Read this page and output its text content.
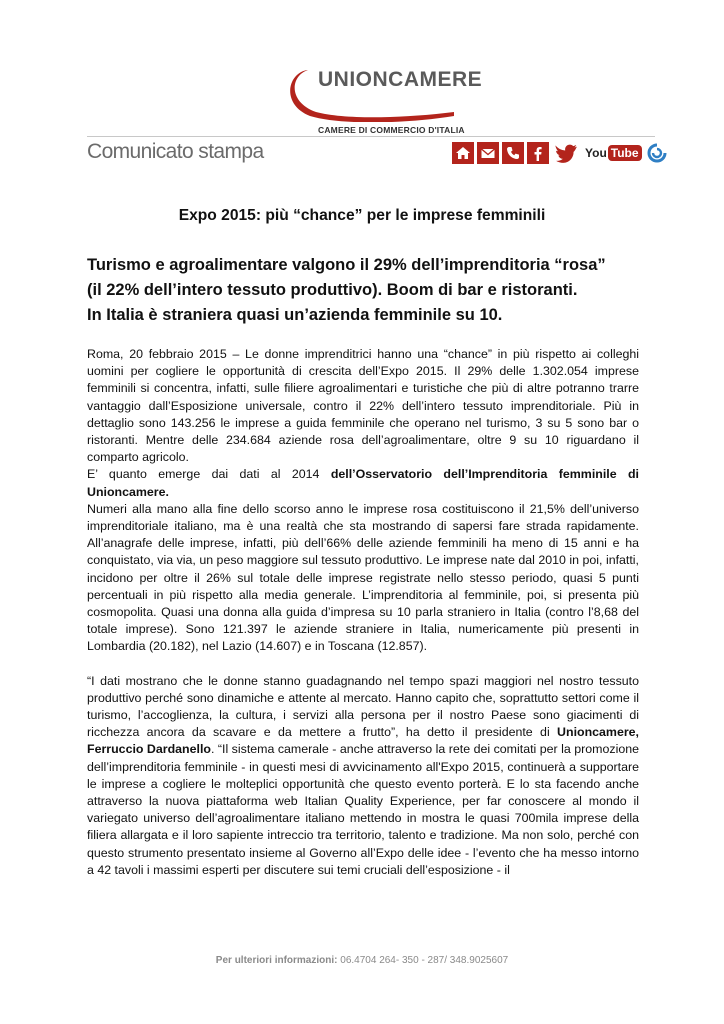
UNIONCAMERE
CAMERE DI COMMERCIO D'ITALIA
Comunicato stampa	You Tube
Expo 2015: più “chance” per le imprese femminili
Turismo e agroalimentare valgono il 29% dell’imprenditoria “rosa”
(il 22% dell’intero tessuto produttivo). Boom di bar e ristoranti.
In Italia è straniera quasi un’azienda femminile su 10.

Roma, 20 febbraio 2015 – Le donne imprenditrici hanno una “chance” in più rispetto ai colleghi uomini per cogliere le opportunità di crescita dell’Expo 2015. Il 29% delle 1.302.054 imprese femminili si concentra, infatti, sulle filiere agroalimentari e turistiche che più di altre potranno trarre vantaggio dall’Esposizione universale, contro il 22% dell’intero tessuto imprenditoriale. Più in dettaglio sono 143.256 le imprese a guida femminile che operano nel turismo, 3 su 5 sono bar o ristoranti. Mentre delle 234.684 aziende rosa dell’agroalimentare, oltre 9 su 10 riguardano il comparto agricolo.

E’ quanto emerge dai dati al 2014 dell’Osservatorio dell’Imprenditoria femminile di Unioncamere.

Numeri alla mano alla fine dello scorso anno le imprese rosa costituiscono il 21,5% dell’universo imprenditoriale italiano, ma è una realtà che sta mostrando di sapersi fare strada rapidamente. All’anagrafe delle imprese, infatti, più dell’66% delle aziende femminili ha meno di 15 anni e ha conquistato, via via, un peso maggiore sul tessuto produttivo. Le imprese nate dal 2010 in poi, infatti, incidono per oltre il 26% sul totale delle imprese registrate nello stesso periodo, quasi 5 punti percentuali in più rispetto alla media generale. L’imprenditoria al femminile, poi, si presenta più cosmopolita. Quasi una donna alla guida d’impresa su 10 parla straniero in Italia (contro l’8,68 del totale imprese). Sono 121.397 le aziende straniere in Italia, numericamente più presenti in Lombardia (20.182), nel Lazio (14.607) e in Toscana (12.857).

“I dati mostrano che le donne stanno guadagnando nel tempo spazi maggiori nel nostro tessuto produttivo perché sono dinamiche e attente al mercato. Hanno capito che, soprattutto settori come il turismo, l’accoglienza, la cultura, i servizi alla persona per il nostro Paese sono giacimenti di ricchezza ancora da scavare e da mettere a frutto”, ha detto il presidente di Unioncamere, Ferruccio Dardanello. “Il sistema camerale - anche attraverso la rete dei comitati per la promozione dell’imprenditoria femminile - in questi mesi di avvicinamento all'Expo 2015, continuerà a supportare le imprese a cogliere le molteplici opportunità che questo evento porterà. E lo sta facendo anche attraverso la nuova piattaforma web Italian Quality Experience, per far conoscere al mondo il variegato universo dell’agroalimentare italiano mettendo in mostra le quasi 700mila imprese della filiera allargata e il loro sapiente intreccio tra territorio, talento e tradizione. Ma non solo, perché con questo strumento presentato insieme al Governo all’Expo delle idee - l’evento che ha messo intorno a 42 tavoli i massimi esperti per discutere sui temi cruciali dell’esposizione - il

Per ulteriori informazioni: 06.4704 264- 350 - 287/ 348.9025607
